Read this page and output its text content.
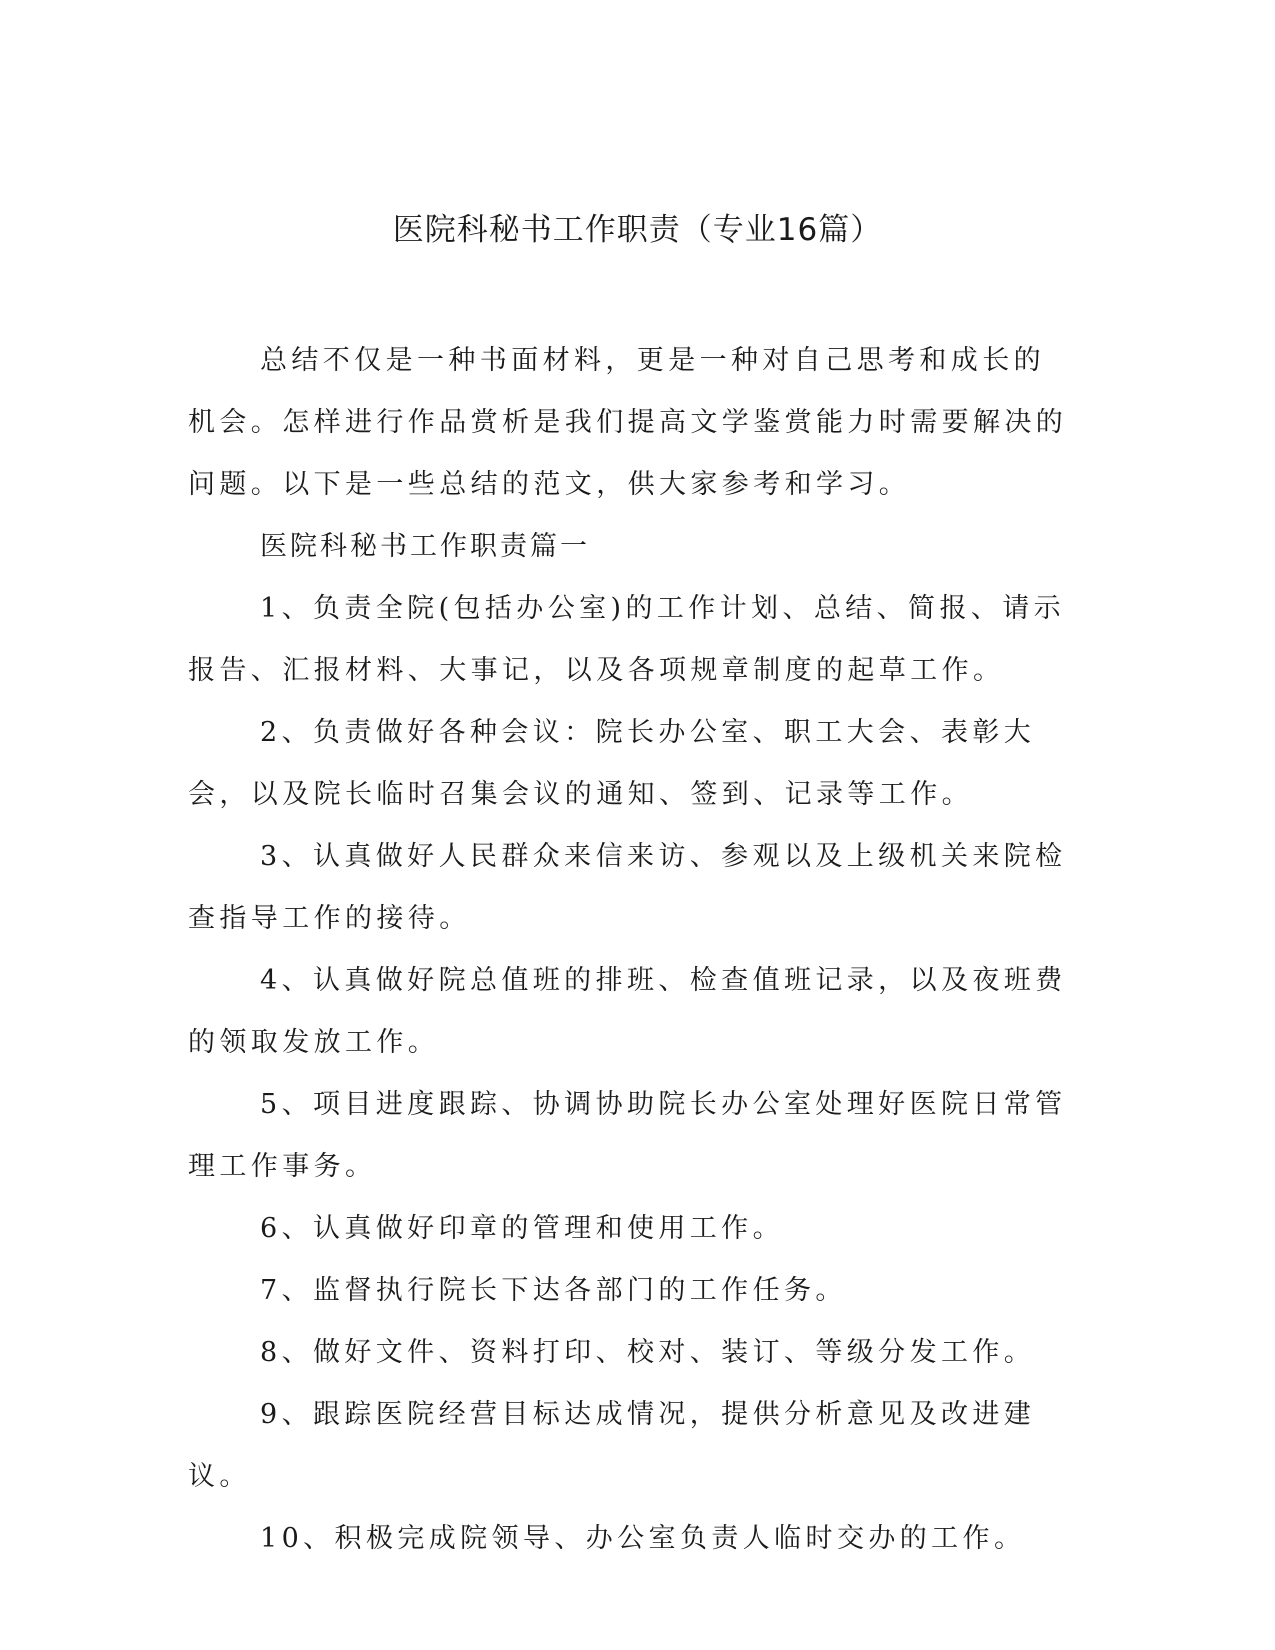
医院科秘书工作职责（专业16篇）

总结不仅是一种书面材料，更是一种对自己思考和成长的机会。怎样进行作品赏析是我们提高文学鉴赏能力时需要解决的问题。以下是一些总结的范文，供大家参考和学习。

医院科秘书工作职责篇一

1、负责全院(包括办公室)的工作计划、总结、简报、请示报告、汇报材料、大事记，以及各项规章制度的起草工作。

2、负责做好各种会议：院长办公室、职工大会、表彰大会，以及院长临时召集会议的通知、签到、记录等工作。

3、认真做好人民群众来信来访、参观以及上级机关来院检查指导工作的接待。

4、认真做好院总值班的排班、检查值班记录，以及夜班费的领取发放工作。

5、项目进度跟踪、协调协助院长办公室处理好医院日常管理工作事务。

6、认真做好印章的管理和使用工作。

7、监督执行院长下达各部门的工作任务。

8、做好文件、资料打印、校对、装订、等级分发工作。

9、跟踪医院经营目标达成情况，提供分析意见及改进建议。

10、积极完成院领导、办公室负责人临时交办的工作。
